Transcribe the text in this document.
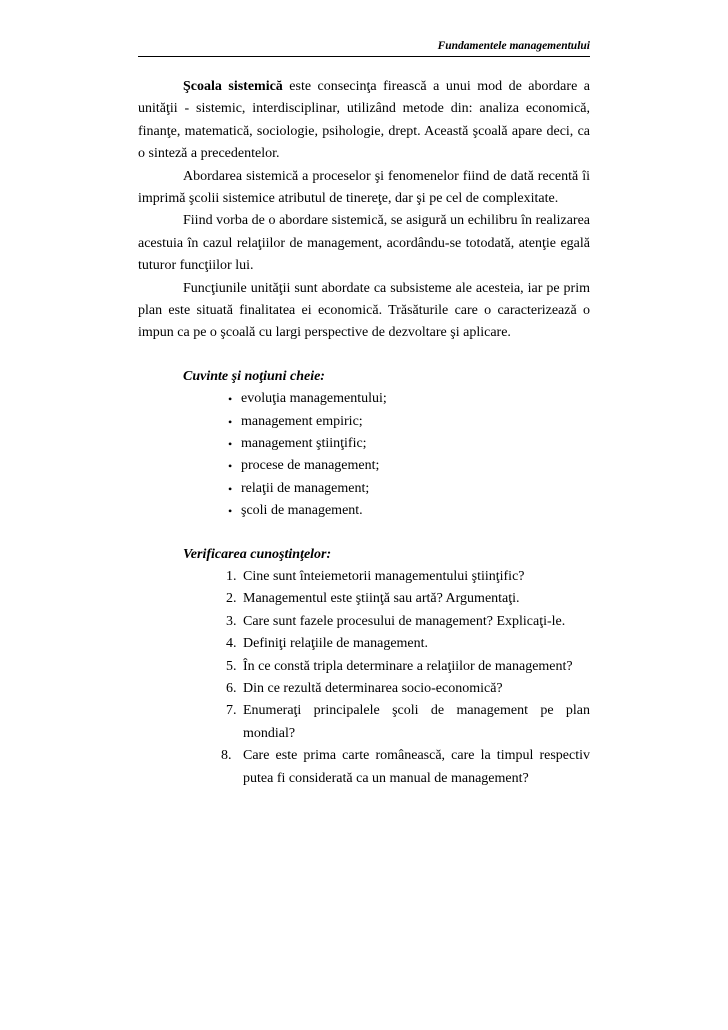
Fundamentele managementului

Şcoala sistemică este consecinţa firească a unui mod de abordare a unităţii - sistemic, interdisciplinar, utilizând metode din: analiza economică, finanţe, matematică, sociologie, psihologie, drept. Această şcoală apare deci, ca o sinteză a precedentelor.

Abordarea sistemică a proceselor şi fenomenelor fiind de dată recentă îi imprimă şcolii sistemice atributul de tinereţe, dar şi pe cel de complexitate.

Fiind vorba de o abordare sistemică, se asigură un echilibru în realizarea acestuia în cazul relaţiilor de management, acordându-se totodată, atenţie egală tuturor funcţiilor lui.

Funcţiunile unităţii sunt abordate ca subsisteme ale acesteia, iar pe prim plan este situată finalitatea ei economică. Trăsăturile care o caracterizează o impun ca pe o şcoală cu largi perspective de dezvoltare şi aplicare.

Cuvinte şi noţiuni cheie:
• evoluţia managementului;
• management empiric;
• management ştiinţific;
• procese de management;
• relaţii de management;
• şcoli de management.
Verificarea cunoştinţelor:
1. Cine sunt înteiemetorii managementului ştiinţific?
2. Managementul este ştiinţă sau artă? Argumentaţi.
3. Care sunt fazele procesului de management? Explicaţi-le.
4. Definiţi relaţiile de management.
5. În ce constă tripla determinare a relaţiilor de management?
6. Din ce rezultă determinarea socio-economică?
7. Enumeraţi principalele şcoli de management pe plan mondial?
8. Care este prima carte românească, care la timpul respectiv putea fi considerată ca un manual de management?
